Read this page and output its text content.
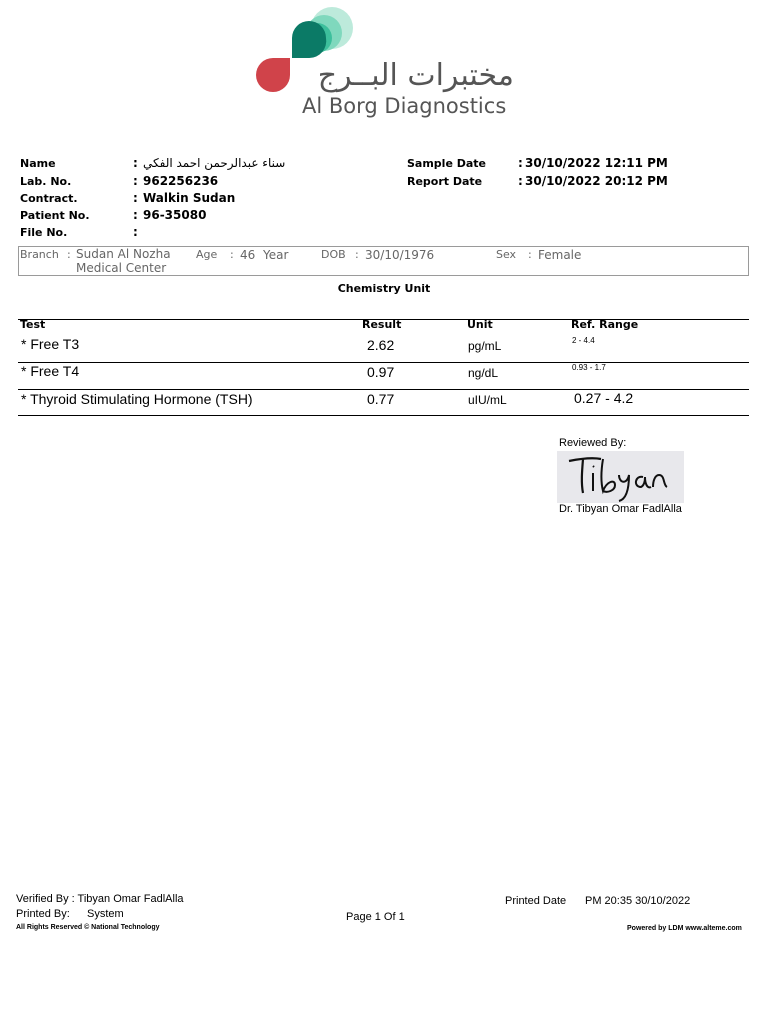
مختبرات البــرج
Al Borg Diagnostics
Name	: سناء عبدالرحمن احمد الفكي
Lab. No.	: 962256236
Contract.	: Walkin Sudan
Patient No.	: 96-35080
File No.	:
Sample Date	: 30/10/2022 12:11 PM
Report Date	: 30/10/2022 20:12 PM
Branch : Sudan Al Nozha
Medical Center
Age : 46 Year	DOB : 30/10/1976	Sex : Female
Chemistry Unit
Test	Result	Unit	Ref. Range
* Free T3	2.62	pg/mL	2 - 4.4
* Free T4	0.97	ng/dL	0.93 - 1.7
* Thyroid Stimulating Hormone (TSH)	0.77	uIU/mL	0.27 - 4.2
Reviewed By:
Dr. Tibyan Omar FadlAlla
Verified By : Tibyan Omar FadlAlla
Printed By: System
All Rights Reserved © National Technology
Page 1 Of 1
Printed Date PM 20:35 30/10/2022
Powered by LDM www.alteme.com
